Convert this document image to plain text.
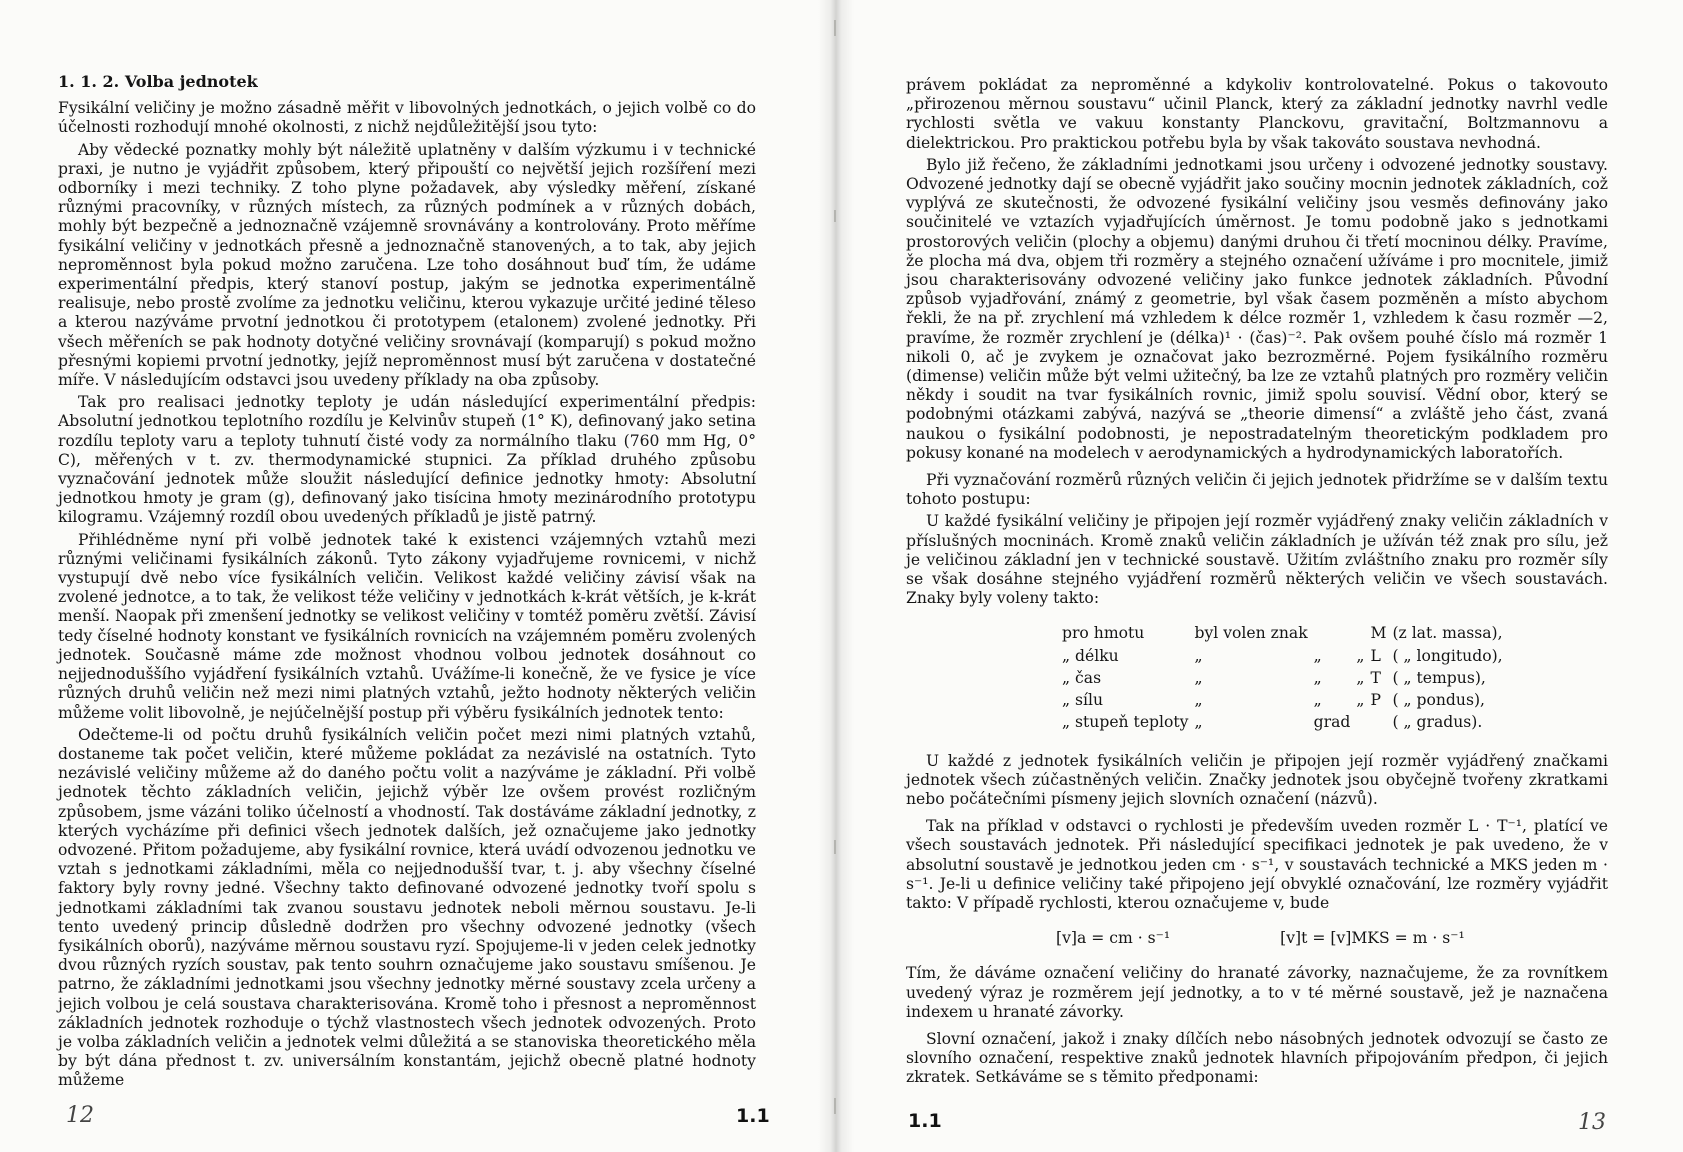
1. 1. 2. Volba jednotek

Fysikální veličiny je možno zásadně měřit v libovolných jednotkách, o jejich volbě co do účelnosti rozhodují mnohé okolnosti, z nichž nejdůležitější jsou tyto:

Aby vědecké poznatky mohly být náležitě uplatněny v dalším výzkumu i v technické praxi, je nutno je vyjádřit způsobem, který připouští co největší jejich rozšíření mezi odborníky i mezi techniky. Z toho plyne požadavek, aby výsledky měření, získané různými pracovníky, v různých místech, za různých podmínek a v různých dobách, mohly být bezpečně a jednoznačně vzájemně srovnávány a kontrolovány. Proto měříme fysikální veličiny v jednotkách přesně a jednoznačně stanovených, a to tak, aby jejich neproměnnost byla pokud možno zaručena. Lze toho dosáhnout buď tím, že udáme experimentální předpis, který stanoví postup, jakým se jednotka experimentálně realisuje, nebo prostě zvolíme za jednotku veličinu, kterou vykazuje určité jediné těleso a kterou nazýváme prvotní jednotkou či prototypem (etalonem) zvolené jednotky. Při všech měřeních se pak hodnoty dotyčné veličiny srovnávají (komparují) s pokud možno přesnými kopiemi prvotní jednotky, jejíž neproměnnost musí být zaručena v dostatečné míře. V následujícím odstavci jsou uvedeny příklady na oba způsoby.

Tak pro realisaci jednotky teploty je udán následující experimentální předpis: Absolutní jednotkou teplotního rozdílu je Kelvinův stupeň (1° K), definovaný jako setina rozdílu teploty varu a teploty tuhnutí čisté vody za normálního tlaku (760 mm Hg, 0° C), měřených v t. zv. thermodynamické stupnici. Za příklad druhého způsobu vyznačování jednotek může sloužit následující definice jednotky hmoty: Absolutní jednotkou hmoty je gram (g), definovaný jako tisícina hmoty mezinárodního prototypu kilogramu. Vzájemný rozdíl obou uvedených příkladů je jistě patrný.

Přihlédněme nyní při volbě jednotek také k existenci vzájemných vztahů mezi různými veličinami fysikálních zákonů. Tyto zákony vyjadřujeme rovnicemi, v nichž vystupují dvě nebo více fysikálních veličin. Velikost každé veličiny závisí však na zvolené jednotce, a to tak, že velikost téže veličiny v jednotkách k-krát větších, je k-krát menší. Naopak při zmenšení jednotky se velikost veličiny v tomtéž poměru zvětší. Závisí tedy číselné hodnoty konstant ve fysikálních rovnicích na vzájemném poměru zvolených jednotek. Současně máme zde možnost vhodnou volbou jednotek dosáhnout co nejjednoduššího vyjádření fysikálních vztahů. Uvážíme-li konečně, že ve fysice je více různých druhů veličin než mezi nimi platných vztahů, ježto hodnoty některých veličin můžeme volit libovolně, je nejúčelnější postup při výběru fysikálních jednotek tento:

Odečteme-li od počtu druhů fysikálních veličin počet mezi nimi platných vztahů, dostaneme tak počet veličin, které můžeme pokládat za nezávislé na ostatních. Tyto nezávislé veličiny můžeme až do daného počtu volit a nazýváme je základní. Při volbě jednotek těchto základních veličin, jejichž výběr lze ovšem provést rozličným způsobem, jsme vázáni toliko účelností a vhodností. Tak dostáváme základní jednotky, z kterých vycházíme při definici všech jednotek dalších, jež označujeme jako jednotky odvozené. Přitom požadujeme, aby fysikální rovnice, která uvádí odvozenou jednotku ve vztah s jednotkami základními, měla co nejjednodušší tvar, t. j. aby všechny číselné faktory byly rovny jedné. Všechny takto definované odvozené jednotky tvoří spolu s jednotkami základními tak zvanou soustavu jednotek neboli měrnou soustavu. Je-li tento uvedený princip důsledně dodržen pro všechny odvozené jednotky (všech fysikálních oborů), nazýváme měrnou soustavu ryzí. Spojujeme-li v jeden celek jednotky dvou různých ryzích soustav, pak tento souhrn označujeme jako soustavu smíšenou. Je patrno, že základními jednotkami jsou všechny jednotky měrné soustavy zcela určeny a jejich volbou je celá soustava charakterisována. Kromě toho i přesnost a neproměnnost základních jednotek rozhoduje o týchž vlastnostech všech jednotek odvozených. Proto je volba základních veličin a jednotek velmi důležitá a se stanoviska theoretického měla by být dána přednost t. zv. universálním konstantám, jejichž obecně platné hodnoty můžeme

12	1.1

právem pokládat za neproměnné a kdykoliv kontrolovatelné. Pokus o takovouto „přirozenou měrnou soustavu“ učinil Planck, který za základní jednotky navrhl vedle rychlosti světla ve vakuu konstanty Planckovu, gravitační, Boltzmannovu a dielektrickou. Pro praktickou potřebu byla by však takováto soustava nevhodná.

Bylo již řečeno, že základními jednotkami jsou určeny i odvozené jednotky soustavy. Odvozené jednotky dají se obecně vyjádřit jako součiny mocnin jednotek základních, což vyplývá ze skutečnosti, že odvozené fysikální veličiny jsou vesměs definovány jako součinitelé ve vztazích vyjadřujících úměrnost. Je tomu podobně jako s jednotkami prostorových veličin (plochy a objemu) danými druhou či třetí mocninou délky. Pravíme, že plocha má dva, objem tři rozměry a stejného označení užíváme i pro mocnitele, jimiž jsou charakterisovány odvozené veličiny jako funkce jednotek základních. Původní způsob vyjadřování, známý z geometrie, byl však časem pozměněn a místo abychom řekli, že na př. zrychlení má vzhledem k délce rozměr 1, vzhledem k času rozměr —2, pravíme, že rozměr zrychlení je (délka)¹ · (čas)⁻². Pak ovšem pouhé číslo má rozměr 1 nikoli 0, ač je zvykem je označovat jako bezrozměrné. Pojem fysikálního rozměru (dimense) veličin může být velmi užitečný, ba lze ze vztahů platných pro rozměry veličin někdy i soudit na tvar fysikálních rovnic, jimiž spolu souvisí. Vědní obor, který se podobnými otázkami zabývá, nazývá se „theorie dimensí“ a zvláště jeho část, zvaná naukou o fysikální podobnosti, je nepostradatelným theoretickým podkladem pro pokusy konané na modelech v aerodynamických a hydrodynamických laboratořích.

Při vyznačování rozměrů různých veličin či jejich jednotek přidržíme se v dalším textu tohoto postupu:

U každé fysikální veličiny je připojen její rozměr vyjádřený znaky veličin základních v příslušných mocninách. Kromě znaků veličin základních je užíván též znak pro sílu, jež je veličinou základní jen v technické soustavě. Užitím zvláštního znaku pro rozměr síly se však dosáhne stejného vyjádření rozměrů některých veličin ve všech soustavách. Znaky byly voleny takto:

pro hmotu	byl volen znak			M	(z lat. massa),
„ délku	„	„	„	L	( „ longitudo),
„ čas	„	„	„	T	( „ tempus),
„ sílu	„	„	„	P	( „ pondus),
„ stupeň teploty	„	grad			( „ gradus).

U každé z jednotek fysikálních veličin je připojen její rozměr vyjádřený značkami jednotek všech zúčastněných veličin. Značky jednotek jsou obyčejně tvořeny zkratkami nebo počátečními písmeny jejich slovních označení (názvů).

Tak na příklad v odstavci o rychlosti je především uveden rozměr L · T⁻¹, platící ve všech soustavách jednotek. Při následující specifikaci jednotek je pak uvedeno, že v absolutní soustavě je jednotkou jeden cm · s⁻¹, v soustavách technické a MKS jeden m · s⁻¹. Je-li u definice veličiny také připojeno její obvyklé označování, lze rozměry vyjádřit takto: V případě rychlosti, kterou označujeme v, bude

[v]a = cm · s⁻¹	[v]t = [v]MKS = m · s⁻¹

Tím, že dáváme označení veličiny do hranaté závorky, naznačujeme, že za rovnítkem uvedený výraz je rozměrem její jednotky, a to v té měrné soustavě, jež je naznačena indexem u hranaté závorky.

Slovní označení, jakož i znaky dílčích nebo násobných jednotek odvozují se často ze slovního označení, respektive znaků jednotek hlavních připojováním předpon, či jejich zkratek. Setkáváme se s těmito předponami:

1.1	13
